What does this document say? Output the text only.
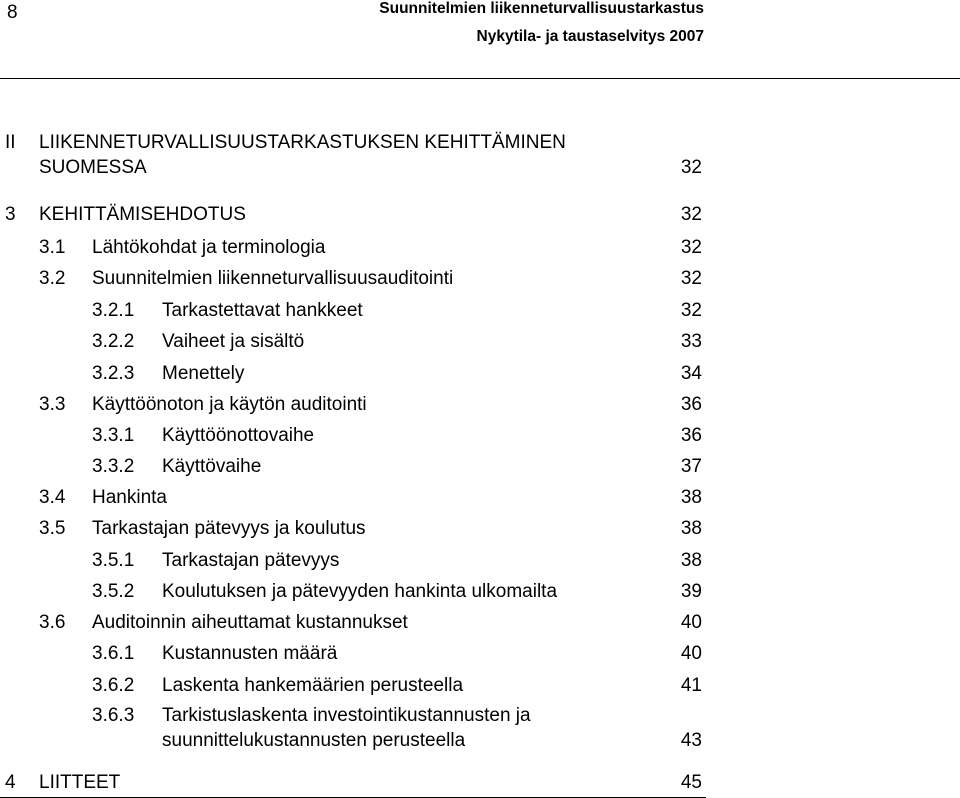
8	Suunnitelmien liikenneturvallisuustarkastus
Nykytila- ja taustaselvitys 2007
II LIIKENNETURVALLISUUSTARKASTUKSEN KEHITTÄMINEN
SUOMESSA	32
3 KEHITTÄMISEHDOTUS	32
3.1 Lähtökohdat ja terminologia	32
3.2 Suunnitelmien liikenneturvallisuusauditointi	32
3.2.1 Tarkastettavat hankkeet	32
3.2.2 Vaiheet ja sisältö	33
3.2.3 Menettely	34
3.3 Käyttöönoton ja käytön auditointi	36
3.3.1 Käyttöönottovaihe	36
3.3.2 Käyttövaihe	37
3.4 Hankinta	38
3.5 Tarkastajan pätevyys ja koulutus	38
3.5.1 Tarkastajan pätevyys	38
3.5.2 Koulutuksen ja pätevyyden hankinta ulkomailta	39
3.6 Auditoinnin aiheuttamat kustannukset	40
3.6.1 Kustannusten määrä	40
3.6.2 Laskenta hankemäärien perusteella	41
3.6.3 Tarkistuslaskenta investointikustannusten ja
suunnittelukustannusten perusteella	43
4 LIITTEET	45
